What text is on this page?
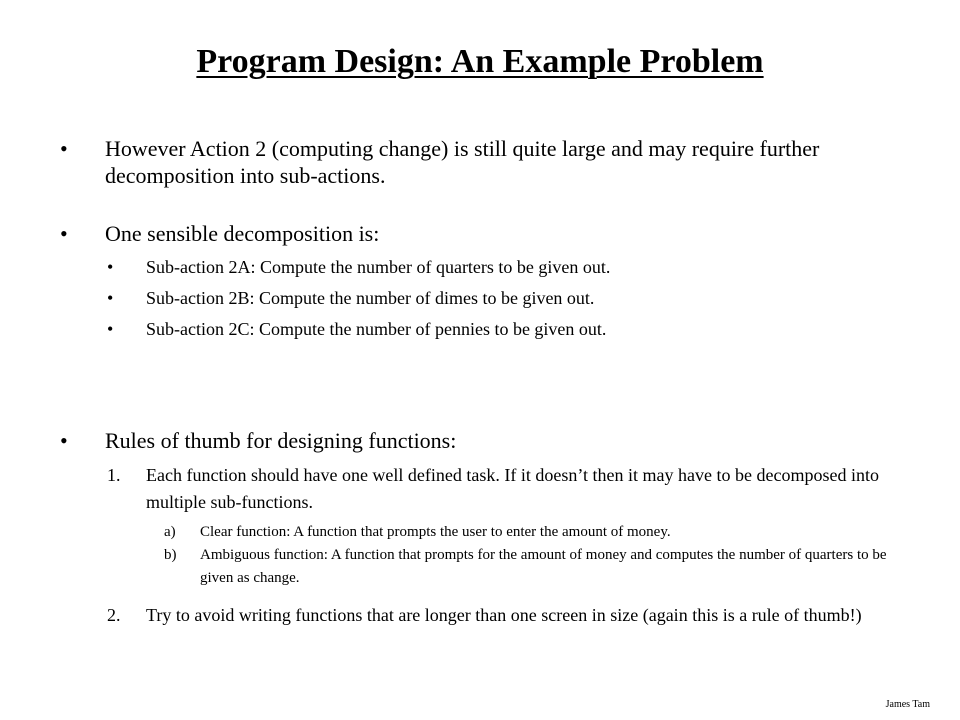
Program Design: An Example Problem
• However Action 2 (computing change) is still quite large and may require further decomposition into sub-actions.
• One sensible decomposition is:
• Sub-action 2A: Compute the number of quarters to be given out.
• Sub-action 2B: Compute the number of dimes to be given out.
• Sub-action 2C: Compute the number of pennies to be given out.
• Rules of thumb for designing functions:
1. Each function should have one well defined task. If it doesn’t then it may have to be decomposed into multiple sub-functions.
a) Clear function: A function that prompts the user to enter the amount of money.
b) Ambiguous function: A function that prompts for the amount of money and computes the number of quarters to be given as change.
2. Try to avoid writing functions that are longer than one screen in size (again this is a rule of thumb!)
James Tam
